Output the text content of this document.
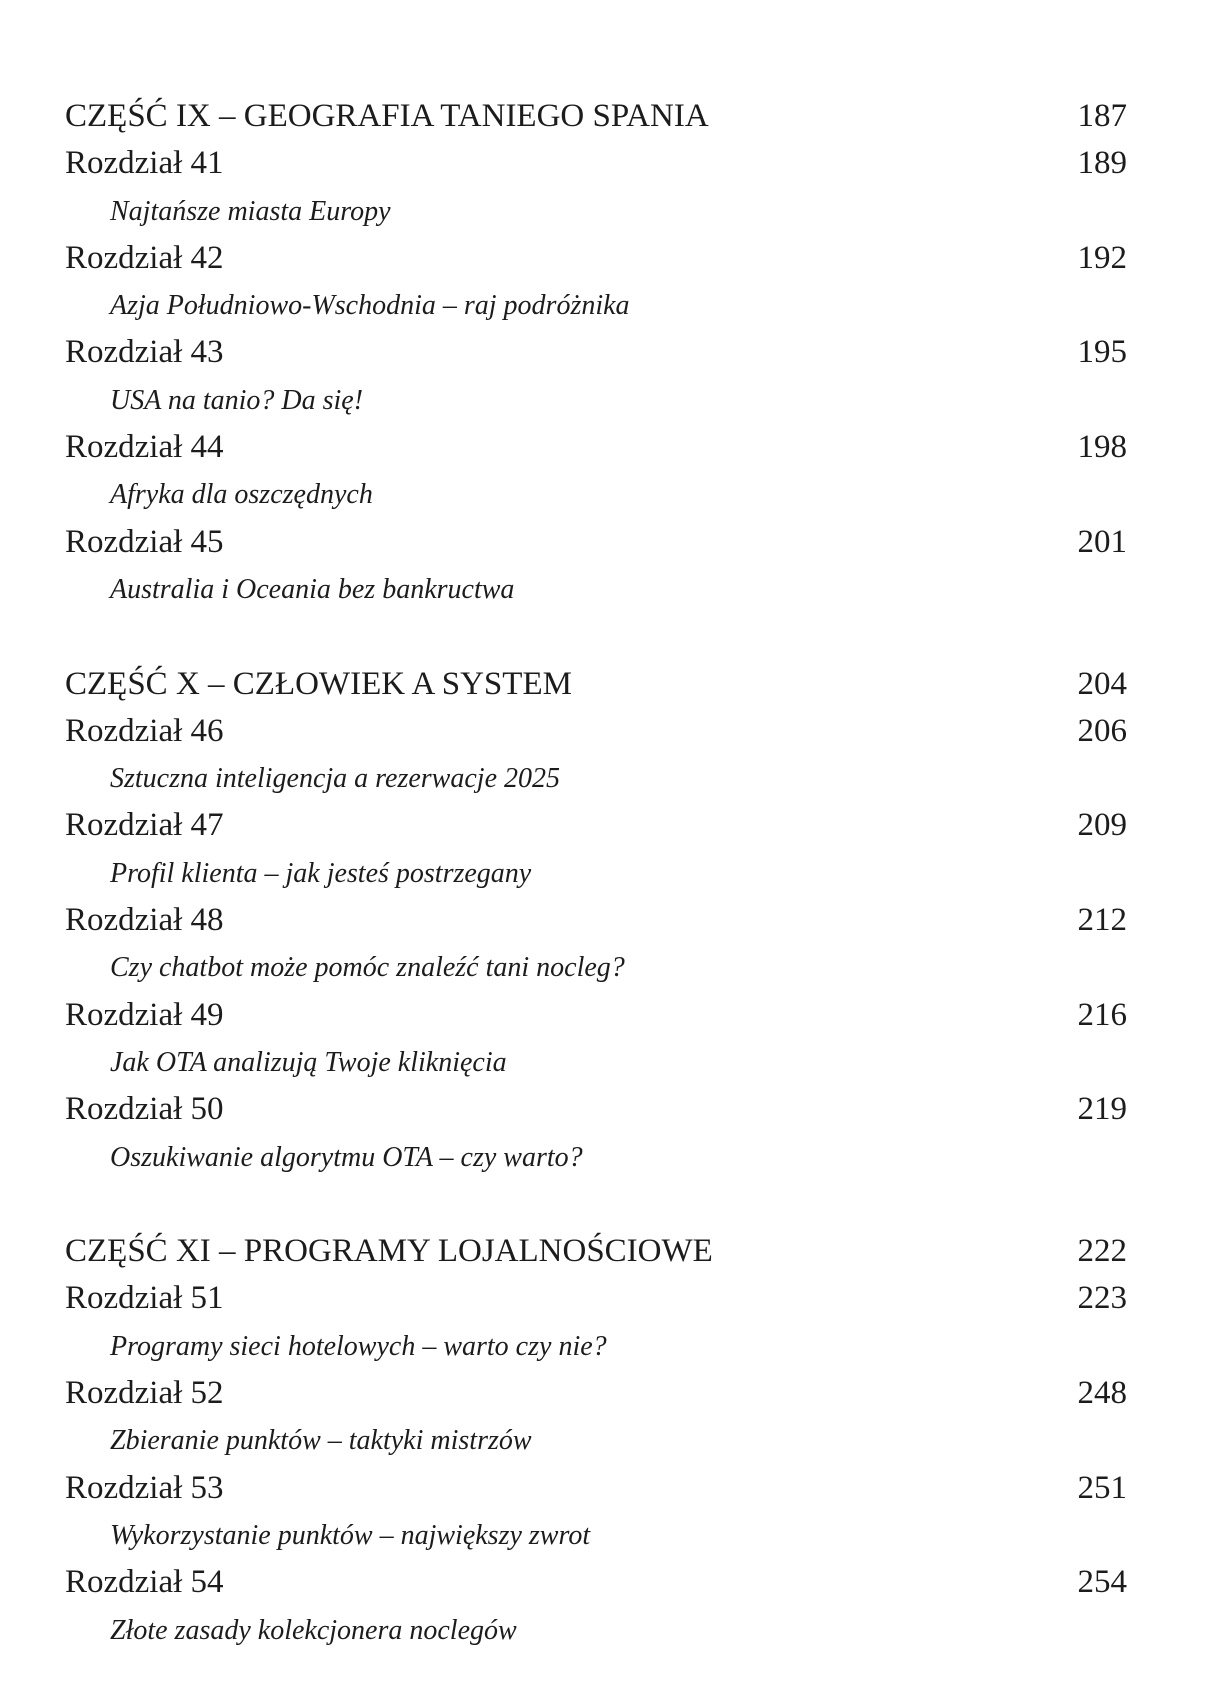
CZĘŚĆ IX – GEOGRAFIA TANIEGO SPANIA	187
Rozdział 41	189
Najtańsze miasta Europy
Rozdział 42	192
Azja Południowo-Wschodnia – raj podróżnika
Rozdział 43	195
USA na tanio? Da się!
Rozdział 44	198
Afryka dla oszczędnych
Rozdział 45	201
Australia i Oceania bez bankructwa
CZĘŚĆ X – CZŁOWIEK A SYSTEM	204
Rozdział 46	206
Sztuczna inteligencja a rezerwacje 2025
Rozdział 47	209
Profil klienta – jak jesteś postrzegany
Rozdział 48	212
Czy chatbot może pomóc znaleźć tani nocleg?
Rozdział 49	216
Jak OTA analizują Twoje kliknięcia
Rozdział 50	219
Oszukiwanie algorytmu OTA – czy warto?
CZĘŚĆ XI – PROGRAMY LOJALNOŚCIOWE	222
Rozdział 51	223
Programy sieci hotelowych – warto czy nie?
Rozdział 52	248
Zbieranie punktów – taktyki mistrzów
Rozdział 53	251
Wykorzystanie punktów – największy zwrot
Rozdział 54	254
Złote zasady kolekcjonera noclegów
